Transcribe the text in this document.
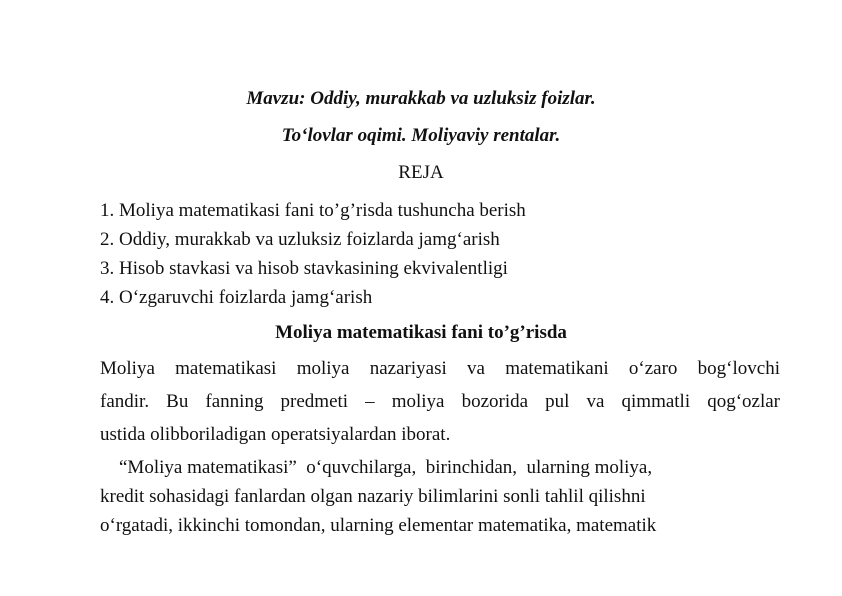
Mavzu: Oddiy, murakkab va uzluksiz foizlar.
To‘lovlar oqimi. Moliyaviy rentalar.
REJA
1. Moliya matematikasi fani to’g’risda tushuncha berish
2. Oddiy, murakkab va uzluksiz foizlarda jamg‘arish
3. Hisob stavkasi va hisob stavkasining ekvivalentligi
4. O‘zgaruvchi foizlarda jamg‘arish
Moliya matematikasi fani to’g’risda
Moliya matematikasi moliya nazariyasi va matematikani o‘zaro bog‘lovchi
fandir. Bu fanning predmeti – moliya bozorida pul va qimmatli qog‘ozlar
ustida olibboriladigan operatsiyalardan iborat.
“Moliya matematikasi”  o‘quvchilarga,  birinchidan,  ularning moliya,
kredit sohasidagi fanlardan olgan nazariy bilimlarini sonli tahlil qilishni
o‘rgatadi, ikkinchi tomondan, ularning elementar matematika, matematik
